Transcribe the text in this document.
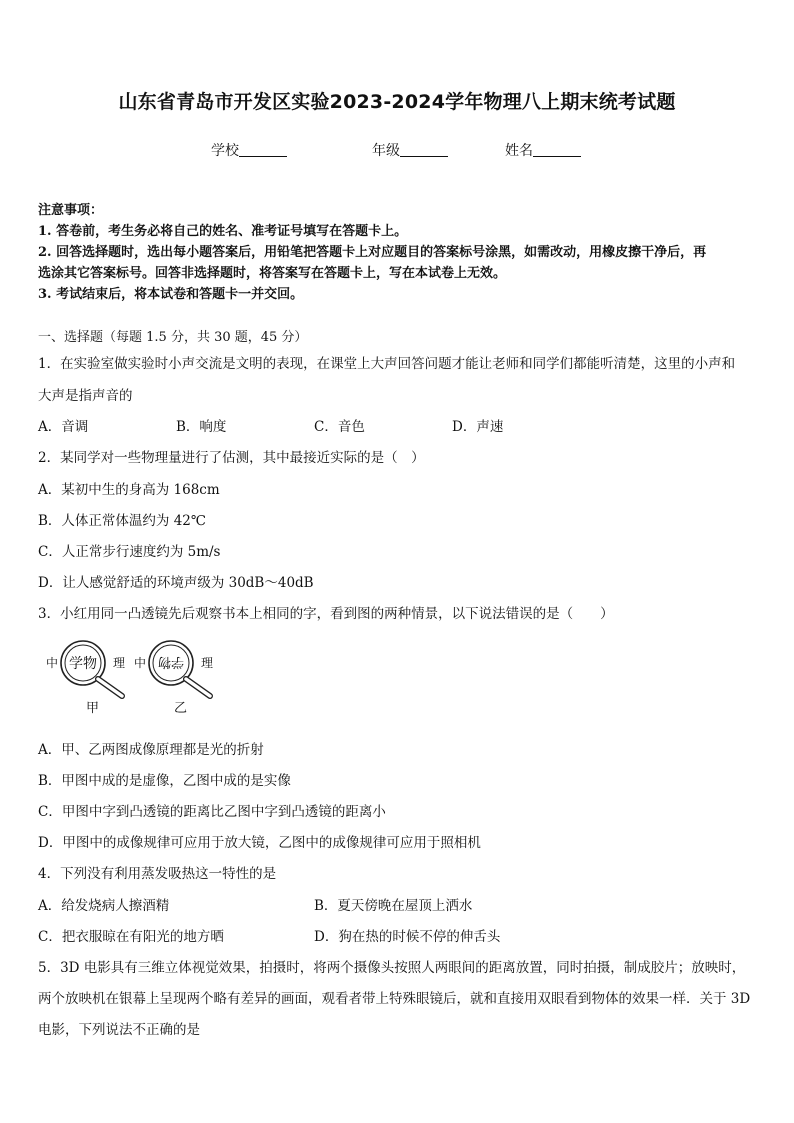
山东省青岛市开发区实验2023-2024学年物理八上期末统考试题
学校	年级	姓名
注意事项：
1. 答卷前，考生务必将自己的姓名、准考证号填写在答题卡上。
2. 回答选择题时，选出每小题答案后，用铅笔把答题卡上对应题目的答案标号涂黑，如需改动，用橡皮擦干净后，再
选涂其它答案标号。回答非选择题时，将答案写在答题卡上，写在本试卷上无效。
3. 考试结束后，将本试卷和答题卡一并交回。
一、选择题（每题 1.5 分，共 30 题，45 分）
1．在实验室做实验时小声交流是文明的表现，在课堂上大声回答问题才能让老师和同学们都能听清楚，这里的小声和
大声是指声音的
A．音调	B．响度	C．音色	D．声速
2．某同学对一些物理量进行了估测，其中最接近实际的是（　）
A．某初中生的身高为 168cm
B．人体正常体温约为 42℃
C．人正常步行速度约为 5m/s
D．让人感觉舒适的环境声级为 30dB～40dB
3．小红用同一凸透镜先后观察书本上相同的字，看到图的两种情景，以下说法错误的是（　　）
中 学物 理
甲
中 学物 理
乙
A．甲、乙两图成像原理都是光的折射
B．甲图中成的是虚像，乙图中成的是实像
C．甲图中字到凸透镜的距离比乙图中字到凸透镜的距离小
D．甲图中的成像规律可应用于放大镜，乙图中的成像规律可应用于照相机
4．下列没有利用蒸发吸热这一特性的是
A．给发烧病人擦酒精	B．夏天傍晚在屋顶上洒水
C．把衣服晾在有阳光的地方晒	D．狗在热的时候不停的伸舌头
5．3D 电影具有三维立体视觉效果，拍摄时，将两个摄像头按照人两眼间的距离放置，同时拍摄，制成胶片；放映时，
两个放映机在银幕上呈现两个略有差异的画面，观看者带上特殊眼镜后，就和直接用双眼看到物体的效果一样．关于 3D
电影，下列说法不正确的是
